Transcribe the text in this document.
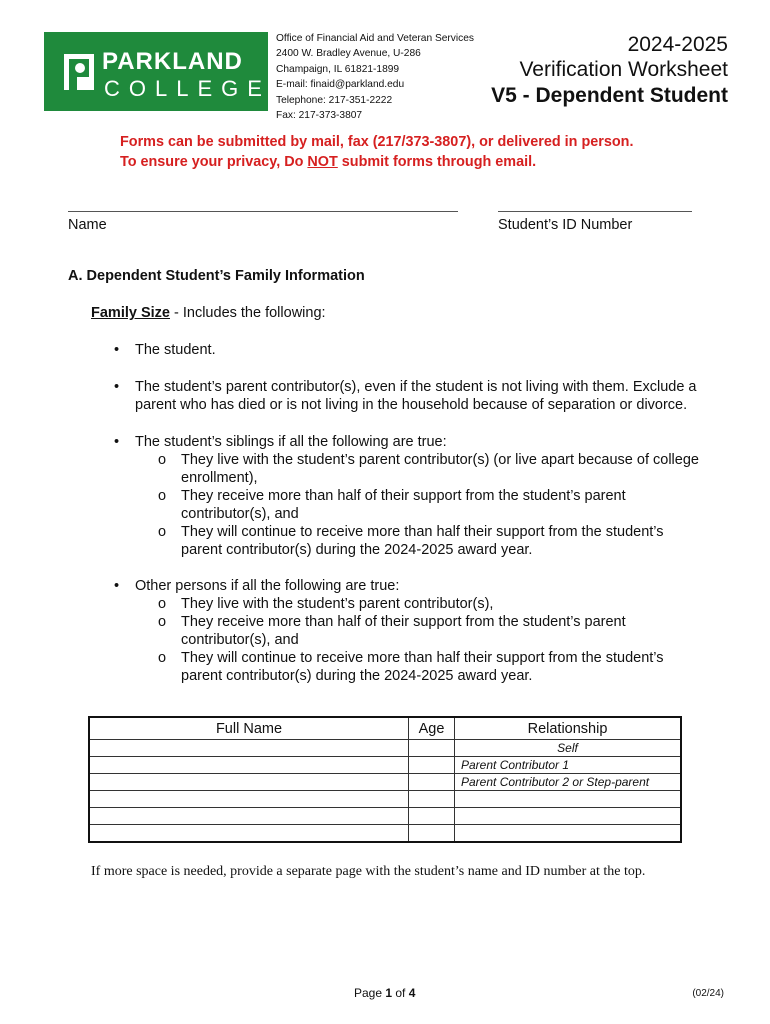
PARKLAND
COLLEGE
Office of Financial Aid and Veteran Services
2400 W. Bradley Avenue, U-286
Champaign, IL 61821-1899
E-mail: finaid@parkland.edu
Telephone: 217-351-2222
Fax: 217-373-3807
2024-2025
Verification Worksheet
V5 - Dependent Student
Forms can be submitted by mail, fax (217/373-3807), or delivered in person.
To ensure your privacy, Do NOT submit forms through email.
Name	Student’s ID Number
A. Dependent Student’s Family Information
Family Size - Includes the following:
• The student.
• The student’s parent contributor(s), even if the student is not living with them. Exclude a
parent who has died or is not living in the household because of separation or divorce.
• The student’s siblings if all the following are true:
o They live with the student’s parent contributor(s) (or live apart because of college
enrollment),
o They receive more than half of their support from the student’s parent
contributor(s), and
o They will continue to receive more than half their support from the student’s
parent contributor(s) during the 2024-2025 award year.
• Other persons if all the following are true:
o They live with the student’s parent contributor(s),
o They receive more than half of their support from the student’s parent
contributor(s), and
o They will continue to receive more than half their support from the student’s
parent contributor(s) during the 2024-2025 award year.
Full Name	Age	Relationship
		Self
		Parent Contributor 1
		Parent Contributor 2 or Step-parent

If more space is needed, provide a separate page with the student’s name and ID number at the top.
Page 1 of 4	(02/24)
